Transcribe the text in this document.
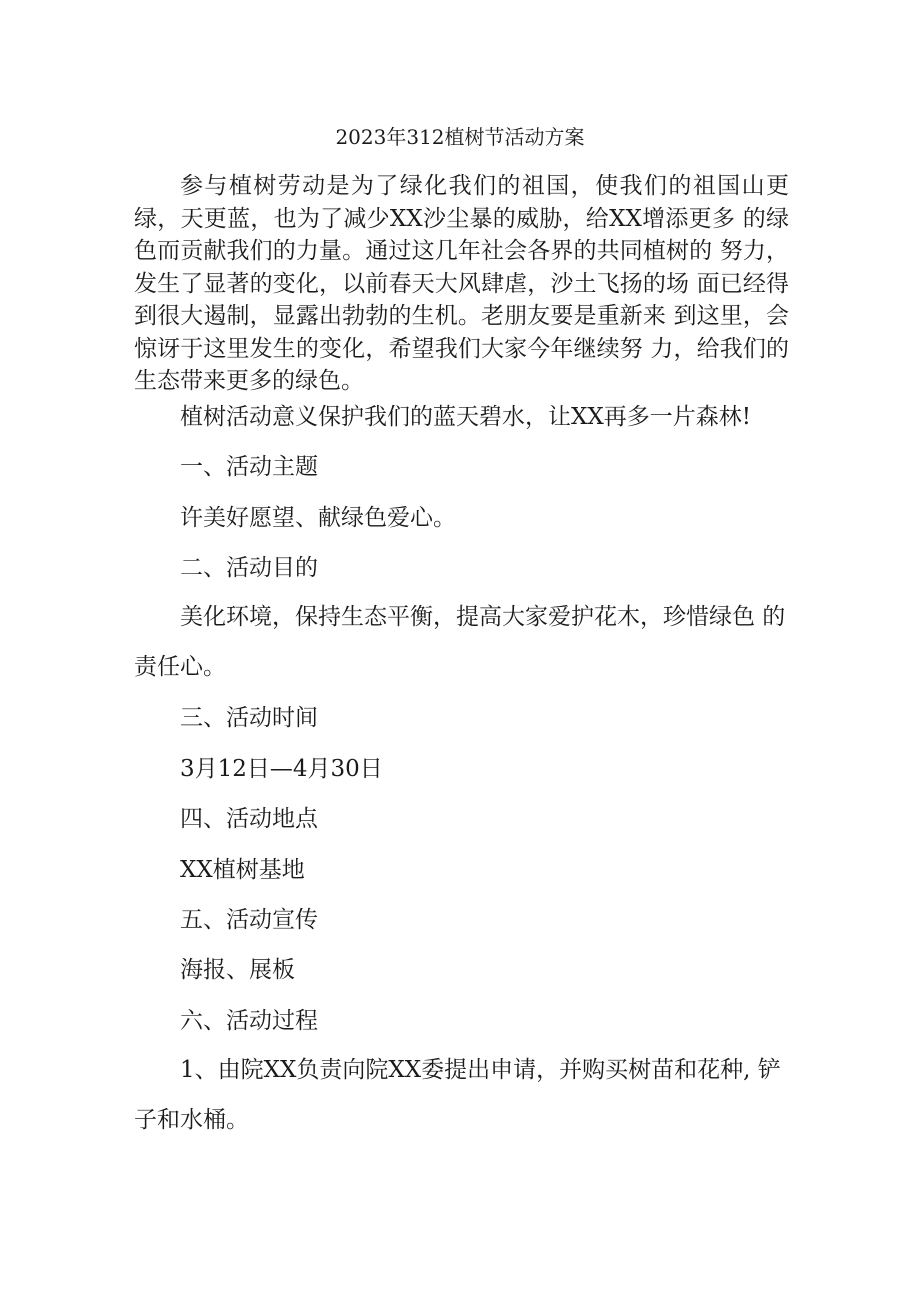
2023年312植树节活动方案

参与植树劳动是为了绿化我们的祖国，使我们的祖国山更 绿，天更蓝，也为了减少XX沙尘暴的威胁，给XX增添更多 的绿色而贡献我们的力量。通过这几年社会各界的共同植树的 努力，发生了显著的变化，以前春天大风肆虐，沙土飞扬的场 面已经得到很大遏制，显露出勃勃的生机。老朋友要是重新来 到这里，会惊讶于这里发生的变化，希望我们大家今年继续努 力，给我们的生态带来更多的绿色。

植树活动意义保护我们的蓝天碧水，让XX再多一片森林!

一、活动主题

许美好愿望、献绿色爱心。

二、活动目的

美化环境，保持生态平衡，提高大家爱护花木，珍惜绿色 的责任心。

三、活动时间

3月12日—4月30日

四、活动地点

XX植树基地

五、活动宣传

海报、展板

六、活动过程

1、由院XX负责向院XX委提出申请，并购买树苗和花种, 铲子和水桶。
